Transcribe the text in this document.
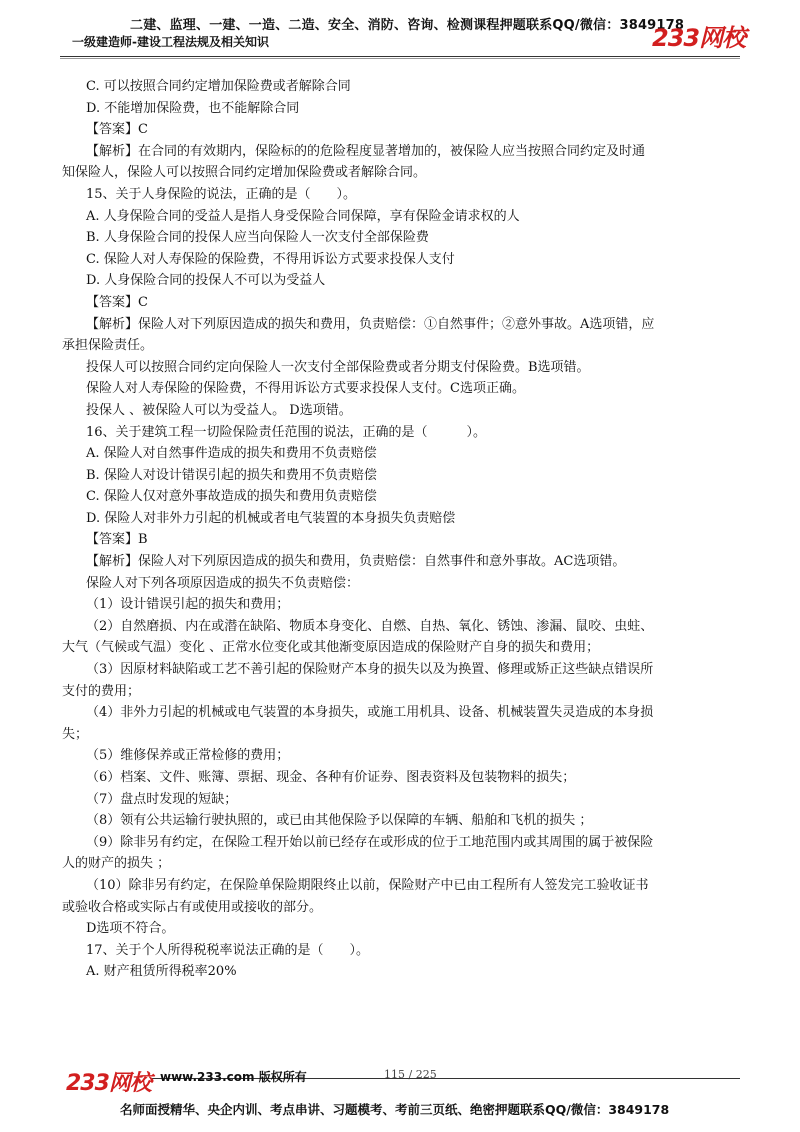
二建、监理、一建、一造、二造、安全、消防、咨询、检测课程押题联系QQ/微信：3849178
一级建造师-建设工程法规及相关知识	233网校
C. 可以按照合同约定增加保险费或者解除合同
D. 不能增加保险费，也不能解除合同
【答案】C
【解析】在合同的有效期内，保险标的的危险程度显著增加的，被保险人应当按照合同约定及时通
知保险人，保险人可以按照合同约定增加保险费或者解除合同。
15、关于人身保险的说法，正确的是（　　）。
A. 人身保险合同的受益人是指人身受保险合同保障，享有保险金请求权的人
B. 人身保险合同的投保人应当向保险人一次支付全部保险费
C. 保险人对人寿保险的保险费，不得用诉讼方式要求投保人支付
D. 人身保险合同的投保人不可以为受益人
【答案】C
【解析】保险人对下列原因造成的损失和费用，负责赔偿：①自然事件；②意外事故。A选项错，应
承担保险责任。
投保人可以按照合同约定向保险人一次支付全部保险费或者分期支付保险费。B选项错。
保险人对人寿保险的保险费，不得用诉讼方式要求投保人支付。C选项正确。
投保人 、被保险人可以为受益人。 D选项错。
16、关于建筑工程一切险保险责任范围的说法，正确的是（　　　）。
A. 保险人对自然事件造成的损失和费用不负责赔偿
B. 保险人对设计错误引起的损失和费用不负责赔偿
C. 保险人仅对意外事故造成的损失和费用负责赔偿
D. 保险人对非外力引起的机械或者电气装置的本身损失负责赔偿
【答案】B
【解析】保险人对下列原因造成的损失和费用，负责赔偿：自然事件和意外事故。AC选项错。
保险人对下列各项原因造成的损失不负责赔偿：
（1）设计错误引起的损失和费用；
（2）自然磨损、内在或潜在缺陷、物质本身变化、自燃、自热、氧化、锈蚀、渗漏、鼠咬、虫蛀、
大气（气候或气温）变化 、正常水位变化或其他渐变原因造成的保险财产自身的损失和费用；
（3）因原材料缺陷或工艺不善引起的保险财产本身的损失以及为换置、修理或矫正这些缺点错误所
支付的费用；
（4）非外力引起的机械或电气装置的本身损失，或施工用机具、设备、机械装置失灵造成的本身损
失；
（5）维修保养或正常检修的费用；
（6）档案、文件、账簿、票据、现金、各种有价证券、图表资料及包装物料的损失；
（7）盘点时发现的短缺；
（8）领有公共运输行驶执照的，或已由其他保险予以保障的车辆、船舶和飞机的损失 ；
（9）除非另有约定，在保险工程开始以前已经存在或形成的位于工地范围内或其周围的属于被保险
人的财产的损失 ；
（10）除非另有约定，在保险单保险期限终止以前，保险财产中已由工程所有人签发完工验收证书
或验收合格或实际占有或使用或接收的部分。
D选项不符合。
17、关于个人所得税税率说法正确的是（　　）。
A. 财产租赁所得税率20%
233网校 www.233.com 版权所有	115 / 225
名师面授精华、央企内训、考点串讲、习题模考、考前三页纸、绝密押题联系QQ/微信：3849178
